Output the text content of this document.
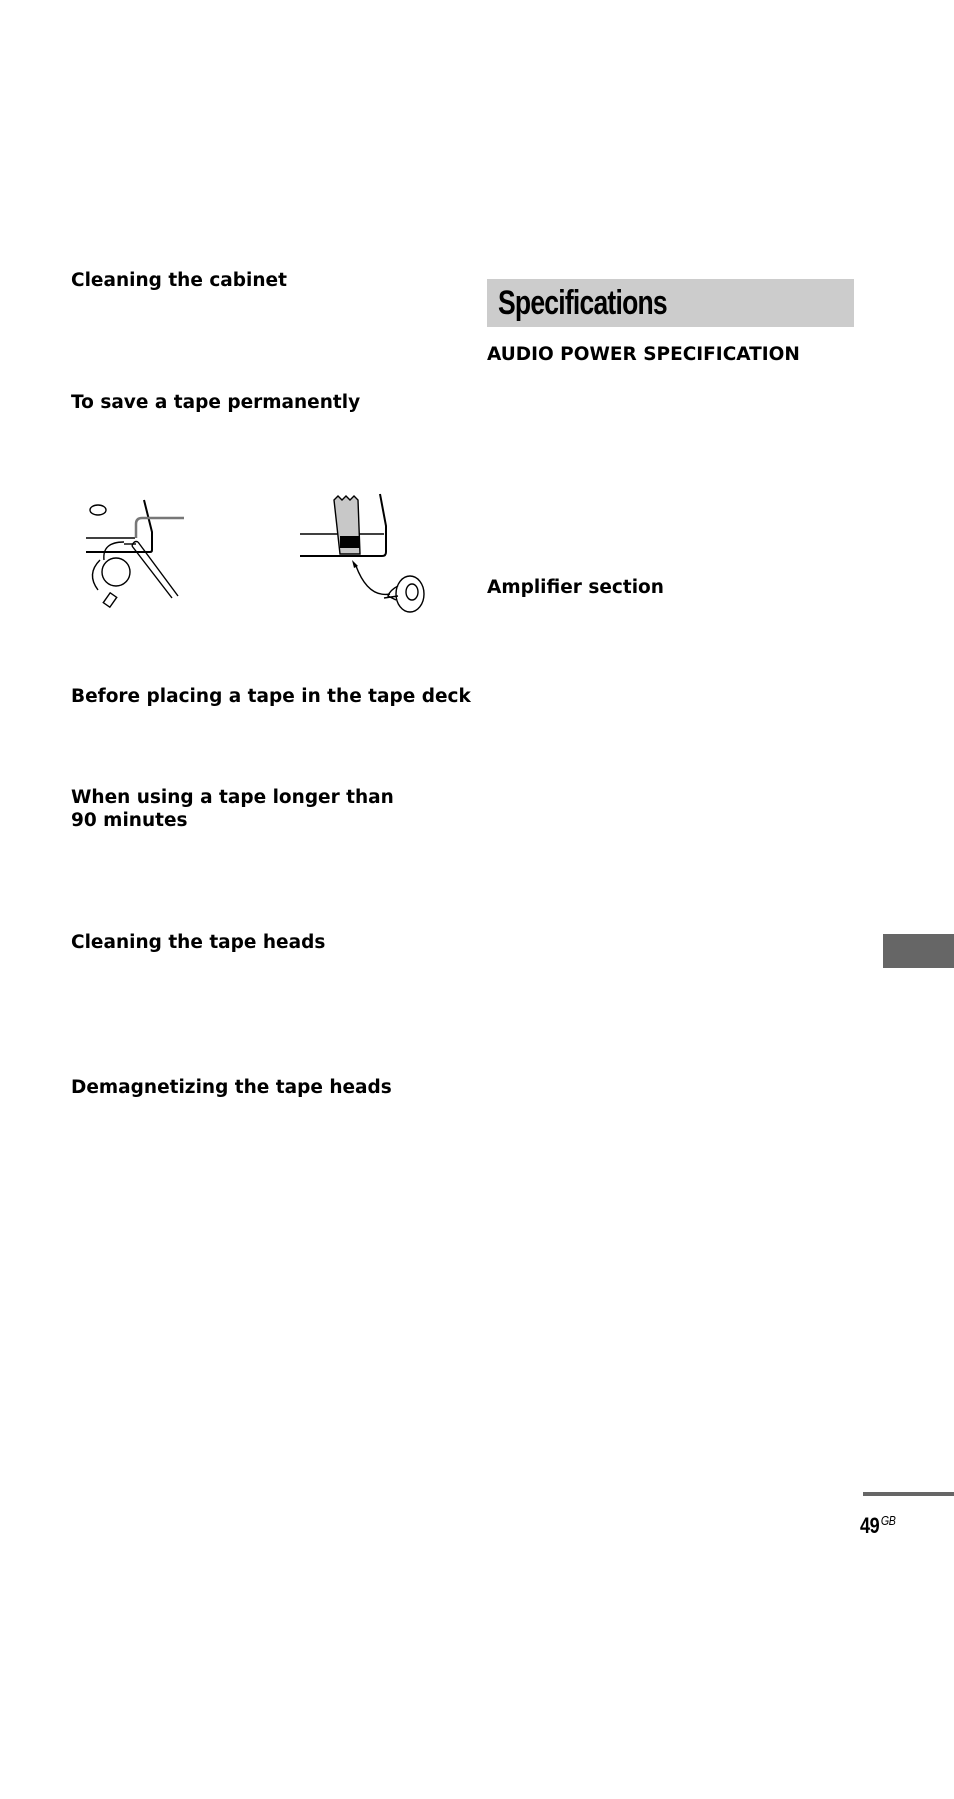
Cleaning the cabinet
To save a tape permanently
Before placing a tape in the tape deck
When using a tape longer than
90 minutes
Cleaning the tape heads
Demagnetizing the tape heads
Specifications
AUDIO POWER SPECIFICATION
Amplifier section
49 $^{GB}$
